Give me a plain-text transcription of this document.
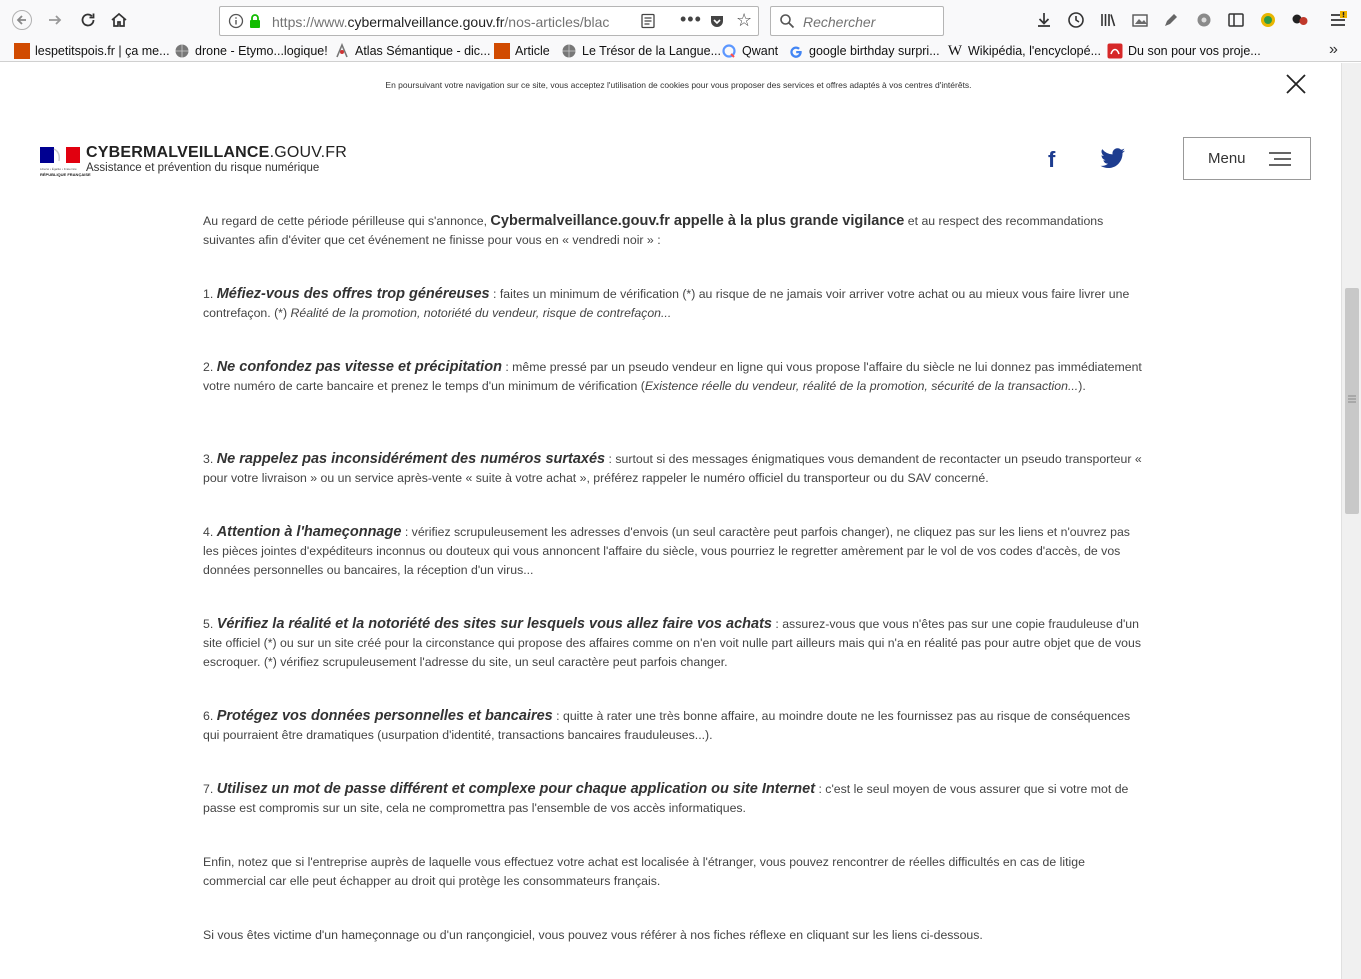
https://www.cybermalveillance.gouv.fr/nos-articles/blac	••• ☆	Rechercher
lespetitspois.fr | ça me... drone - Etymo...logique! Atlas Sémantique - dic... Article	Le Trésor de la Langue... Qwant google birthday surpri... W Wikipédia, l'encyclopé... Du son pour vos proje...	»
En poursuivant votre navigation sur ce site, vous acceptez l'utilisation de cookies pour vous proposer des services et offres adaptés à vos centres d'intérêts.
Liberté • Égalité • Fraternité
RÉPUBLIQUE FRANÇAISE
CYBERMALVEILLANCE.GOUV.FR
Assistance et prévention du risque numérique	f	Menu

Au regard de cette période périlleuse qui s'annonce, Cybermalveillance.gouv.fr appelle à la plus grande vigilance et au respect des recommandations suivantes afin d'éviter que cet événement ne finisse pour vous en « vendredi noir » :

1. Méfiez-vous des offres trop généreuses : faites un minimum de vérification (*) au risque de ne jamais voir arriver votre achat ou au mieux vous faire livrer une contrefaçon. (*) Réalité de la promotion, notoriété du vendeur, risque de contrefaçon...

2. Ne confondez pas vitesse et précipitation : même pressé par un pseudo vendeur en ligne qui vous propose l'affaire du siècle ne lui donnez pas immédiatement votre numéro de carte bancaire et prenez le temps d'un minimum de vérification (Existence réelle du vendeur, réalité de la promotion, sécurité de la transaction...).

3. Ne rappelez pas inconsidérément des numéros surtaxés : surtout si des messages énigmatiques vous demandent de recontacter un pseudo transporteur « pour votre livraison » ou un service après-vente « suite à votre achat », préférez rappeler le numéro officiel du transporteur ou du SAV concerné.

4. Attention à l'hameçonnage : vérifiez scrupuleusement les adresses d'envois (un seul caractère peut parfois changer), ne cliquez pas sur les liens et n'ouvrez pas les pièces jointes d'expéditeurs inconnus ou douteux qui vous annoncent l'affaire du siècle, vous pourriez le regretter amèrement par le vol de vos codes d'accès, de vos données personnelles ou bancaires, la réception d'un virus...

5. Vérifiez la réalité et la notoriété des sites sur lesquels vous allez faire vos achats : assurez-vous que vous n'êtes pas sur une copie frauduleuse d'un site officiel (*) ou sur un site créé pour la circonstance qui propose des affaires comme on n'en voit nulle part ailleurs mais qui n'a en réalité pas pour autre objet que de vous escroquer. (*) vérifiez scrupuleusement l'adresse du site, un seul caractère peut parfois changer.

6. Protégez vos données personnelles et bancaires : quitte à rater une très bonne affaire, au moindre doute ne les fournissez pas au risque de conséquences qui pourraient être dramatiques (usurpation d'identité, transactions bancaires frauduleuses...).

7. Utilisez un mot de passe différent et complexe pour chaque application ou site Internet : c'est le seul moyen de vous assurer que si votre mot de passe est compromis sur un site, cela ne compromettra pas l'ensemble de vos accès informatiques.

Enfin, notez que si l'entreprise auprès de laquelle vous effectuez votre achat est localisée à l'étranger, vous pouvez rencontrer de réelles difficultés en cas de litige commercial car elle peut échapper au droit qui protège les consommateurs français.

Si vous êtes victime d'un hameçonnage ou d'un rançongiciel, vous pouvez vous référer à nos fiches réflexe en cliquant sur les liens ci-dessous.
